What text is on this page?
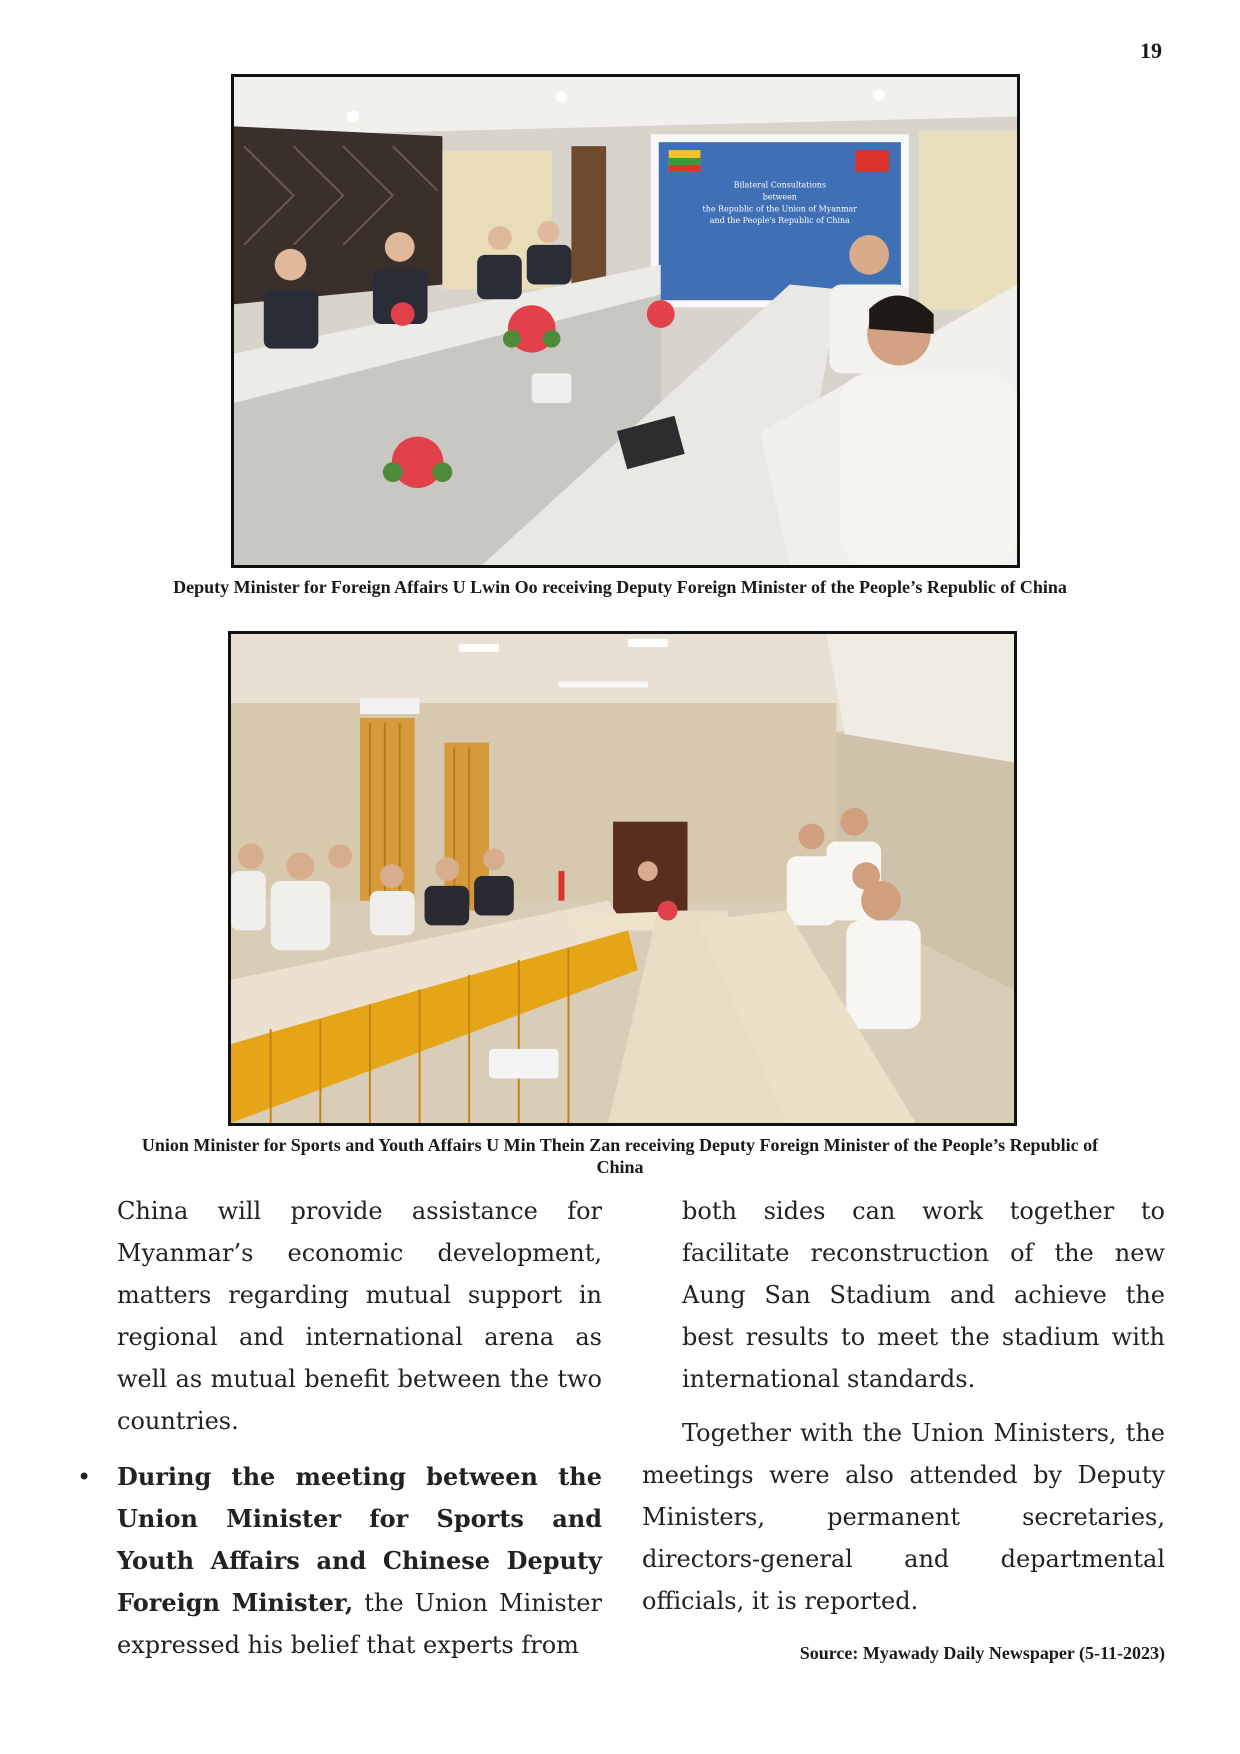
19
Bilateral Consultations
between
the Republic of the Union of Myanmar
and the People's Republic of China
Deputy Minister for Foreign Affairs U Lwin Oo receiving Deputy Foreign Minister of the People’s Republic of China
Union Minister for Sports and Youth Affairs U Min Thein Zan receiving Deputy Foreign Minister of the People’s Republic of China

China will provide assistance for Myanmar’s economic development, matters regarding mutual support in regional and international arena as well as mutual benefit between the two countries.

• During the meeting between the Union Minister for Sports and Youth Affairs and Chinese Deputy Foreign Minister, the Union Minister expressed his belief that experts from

both sides can work together to facilitate reconstruction of the new Aung San Stadium and achieve the best results to meet the stadium with international standards.

Together with the Union Ministers, the meetings were also attended by Deputy Ministers, permanent secretaries, directors-general and departmental officials, it is reported.

Source: Myawady Daily Newspaper (5-11-2023)
